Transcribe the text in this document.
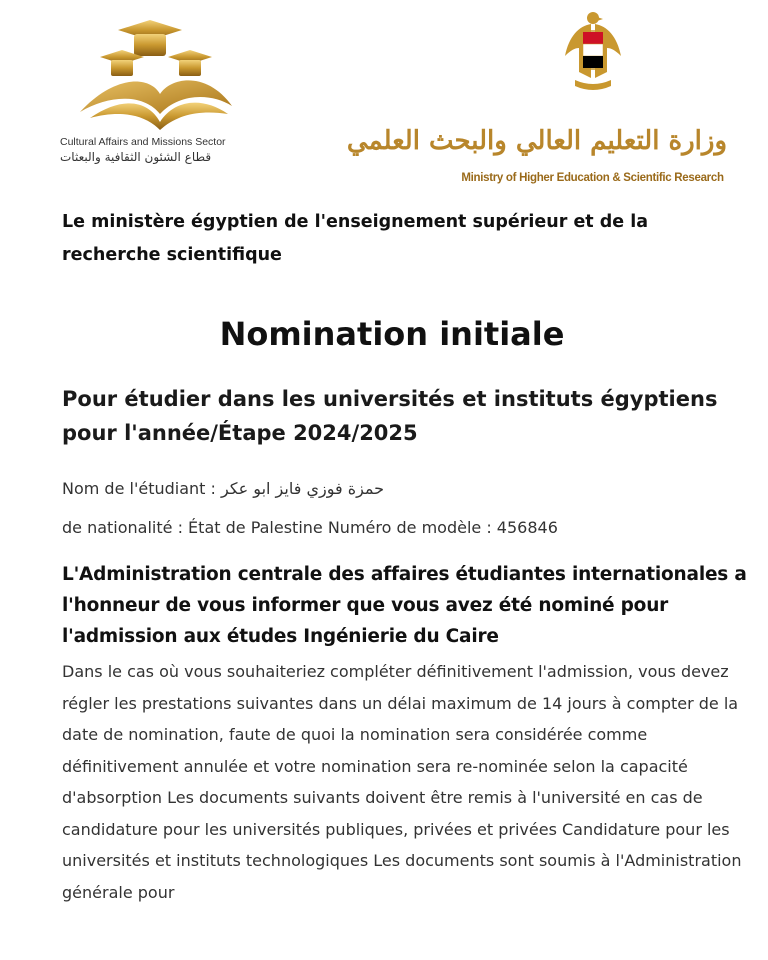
Cultural Affairs and Missions Sector
قطاع الشئون الثقافية والبعثات
وزارة التعليم العالي والبحث العلمي
Ministry of Higher Education & Scientific Research

Le ministère égyptien de l'enseignement supérieur et de la recherche scientifique

Nomination initiale
Pour étudier dans les universités et instituts égyptiens pour l'année/Étape 2024/2025

Nom de l'étudiant : حمزة فوزي فايز ابو عكر

de nationalité : État de Palestine Numéro de modèle : 456846

L'Administration centrale des affaires étudiantes internationales a l'honneur de vous informer que vous avez été nominé pour l'admission aux études Ingénierie du Caire

Dans le cas où vous souhaiteriez compléter définitivement l'admission, vous devez régler les prestations suivantes dans un délai maximum de 14 jours à compter de la date de nomination, faute de quoi la nomination sera considérée comme définitivement annulée et votre nomination sera re-nominée selon la capacité d'absorption Les documents suivants doivent être remis à l'université en cas de candidature pour les universités publiques, privées et privées Candidature pour les universités et instituts technologiques Les documents sont soumis à l'Administration générale pour
